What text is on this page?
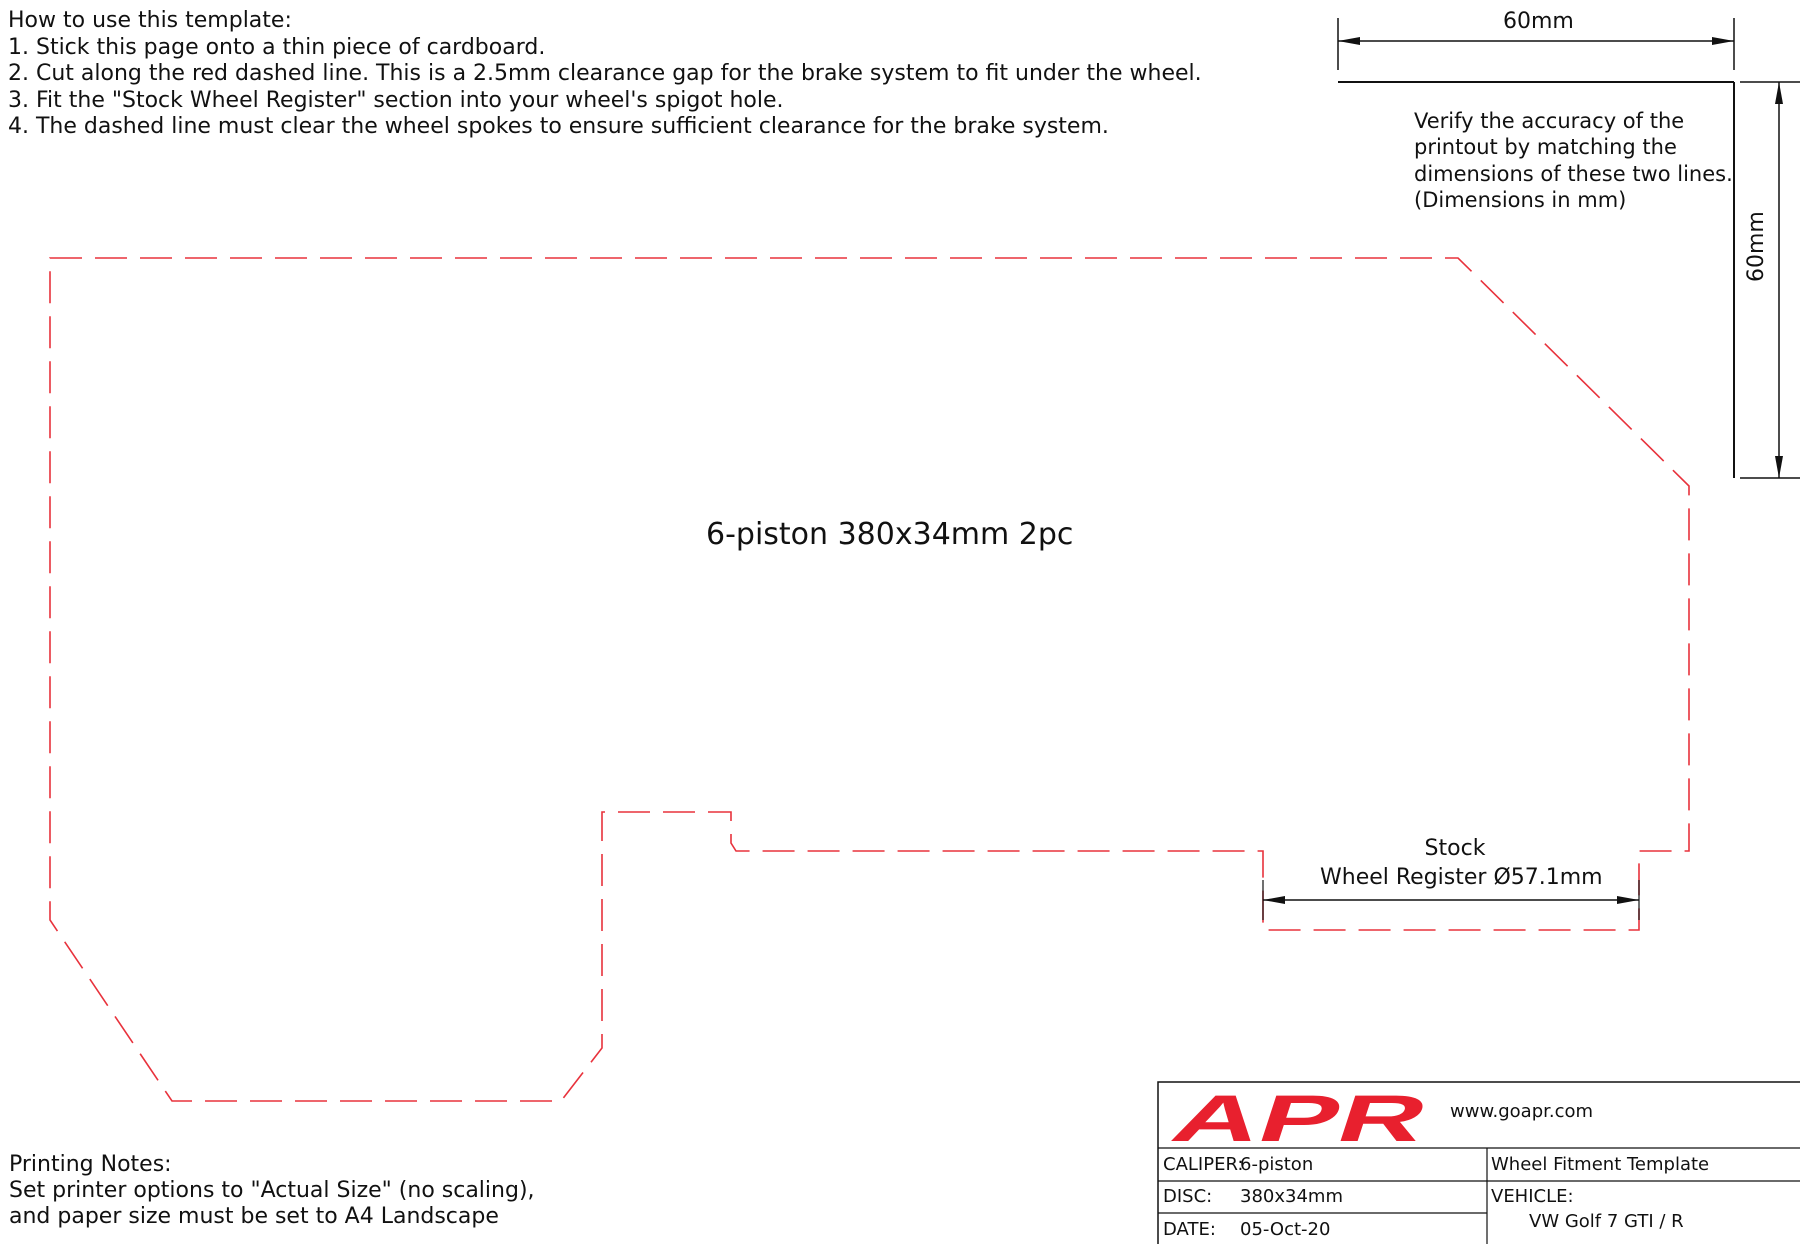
How to use this template:
1. Stick this page onto a thin piece of cardboard.
2. Cut along the red dashed line. This is a 2.5mm clearance gap for the brake system to fit under the wheel.
3. Fit the "Stock Wheel Register" section into your wheel's spigot hole.
4. The dashed line must clear the wheel spokes to ensure sufficient clearance for the brake system.
60mm
60mm
Verify the accuracy of the
printout by matching the
dimensions of these two lines.
(Dimensions in mm)
6-piston 380x34mm 2pc
Stock
Wheel Register Ø57.1mm
Printing Notes:
Set printer options to "Actual Size" (no scaling),
and paper size must be set to A4 Landscape
APR	www.goapr.com
CALIPER:
6-piston
DISC: 380x34mm
DATE: 05-Oct-20
Wheel Fitment Template
VEHICLE:
VW Golf 7 GTI / R
